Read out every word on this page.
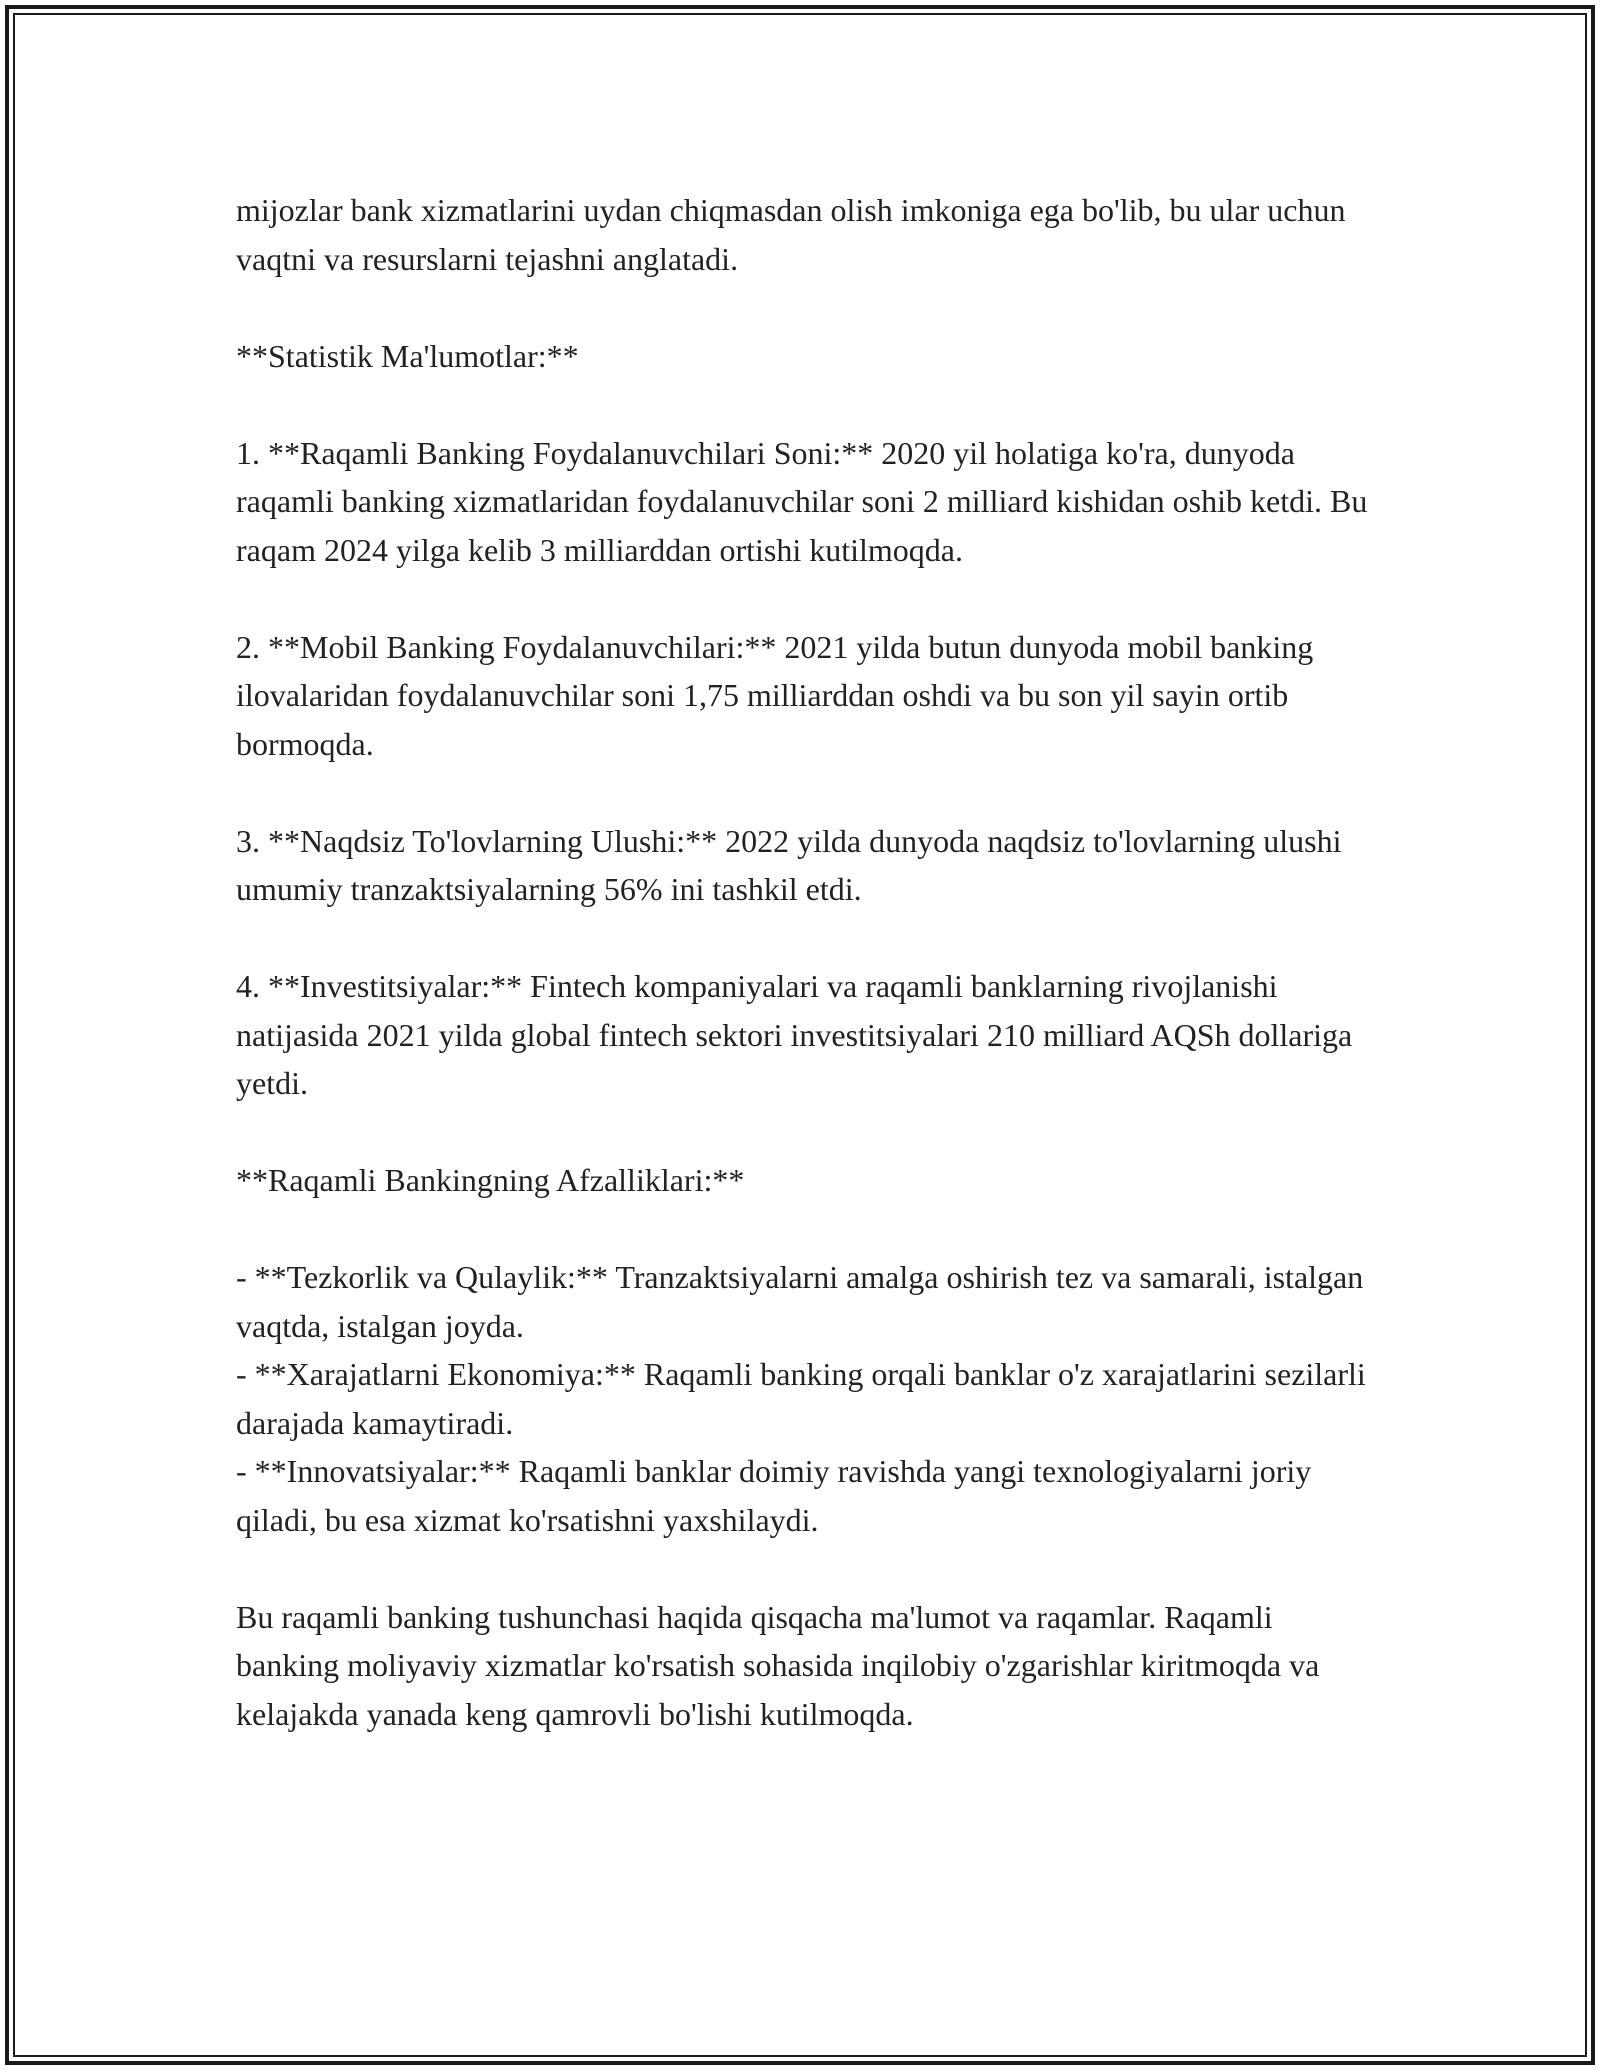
mijozlar bank xizmatlarini uydan chiqmasdan olish imkoniga ega bo'lib, bu ular uchun vaqtni va resurslarni tejashni anglatadi.

**Statistik Ma'lumotlar:**

1. **Raqamli Banking Foydalanuvchilari Soni:** 2020 yil holatiga ko'ra, dunyoda raqamli banking xizmatlaridan foydalanuvchilar soni 2 milliard kishidan oshib ketdi. Bu raqam 2024 yilga kelib 3 milliarddan ortishi kutilmoqda.

2. **Mobil Banking Foydalanuvchilari:** 2021 yilda butun dunyoda mobil banking ilovalaridan foydalanuvchilar soni 1,75 milliarddan oshdi va bu son yil sayin ortib bormoqda.

3. **Naqdsiz To'lovlarning Ulushi:** 2022 yilda dunyoda naqdsiz to'lovlarning ulushi umumiy tranzaktsiyalarning 56% ini tashkil etdi.

4. **Investitsiyalar:** Fintech kompaniyalari va raqamli banklarning rivojlanishi natijasida 2021 yilda global fintech sektori investitsiyalari 210 milliard AQSh dollariga yetdi.

**Raqamli Bankingning Afzalliklari:**

- **Tezkorlik va Qulaylik:** Tranzaktsiyalarni amalga oshirish tez va samarali, istalgan vaqtda, istalgan joyda.

- **Xarajatlarni Ekonomiya:** Raqamli banking orqali banklar o'z xarajatlarini sezilarli darajada kamaytiradi.

- **Innovatsiyalar:** Raqamli banklar doimiy ravishda yangi texnologiyalarni joriy qiladi, bu esa xizmat ko'rsatishni yaxshilaydi.

Bu raqamli banking tushunchasi haqida qisqacha ma'lumot va raqamlar. Raqamli banking moliyaviy xizmatlar ko'rsatish sohasida inqilobiy o'zgarishlar kiritmoqda va kelajakda yanada keng qamrovli bo'lishi kutilmoqda.
